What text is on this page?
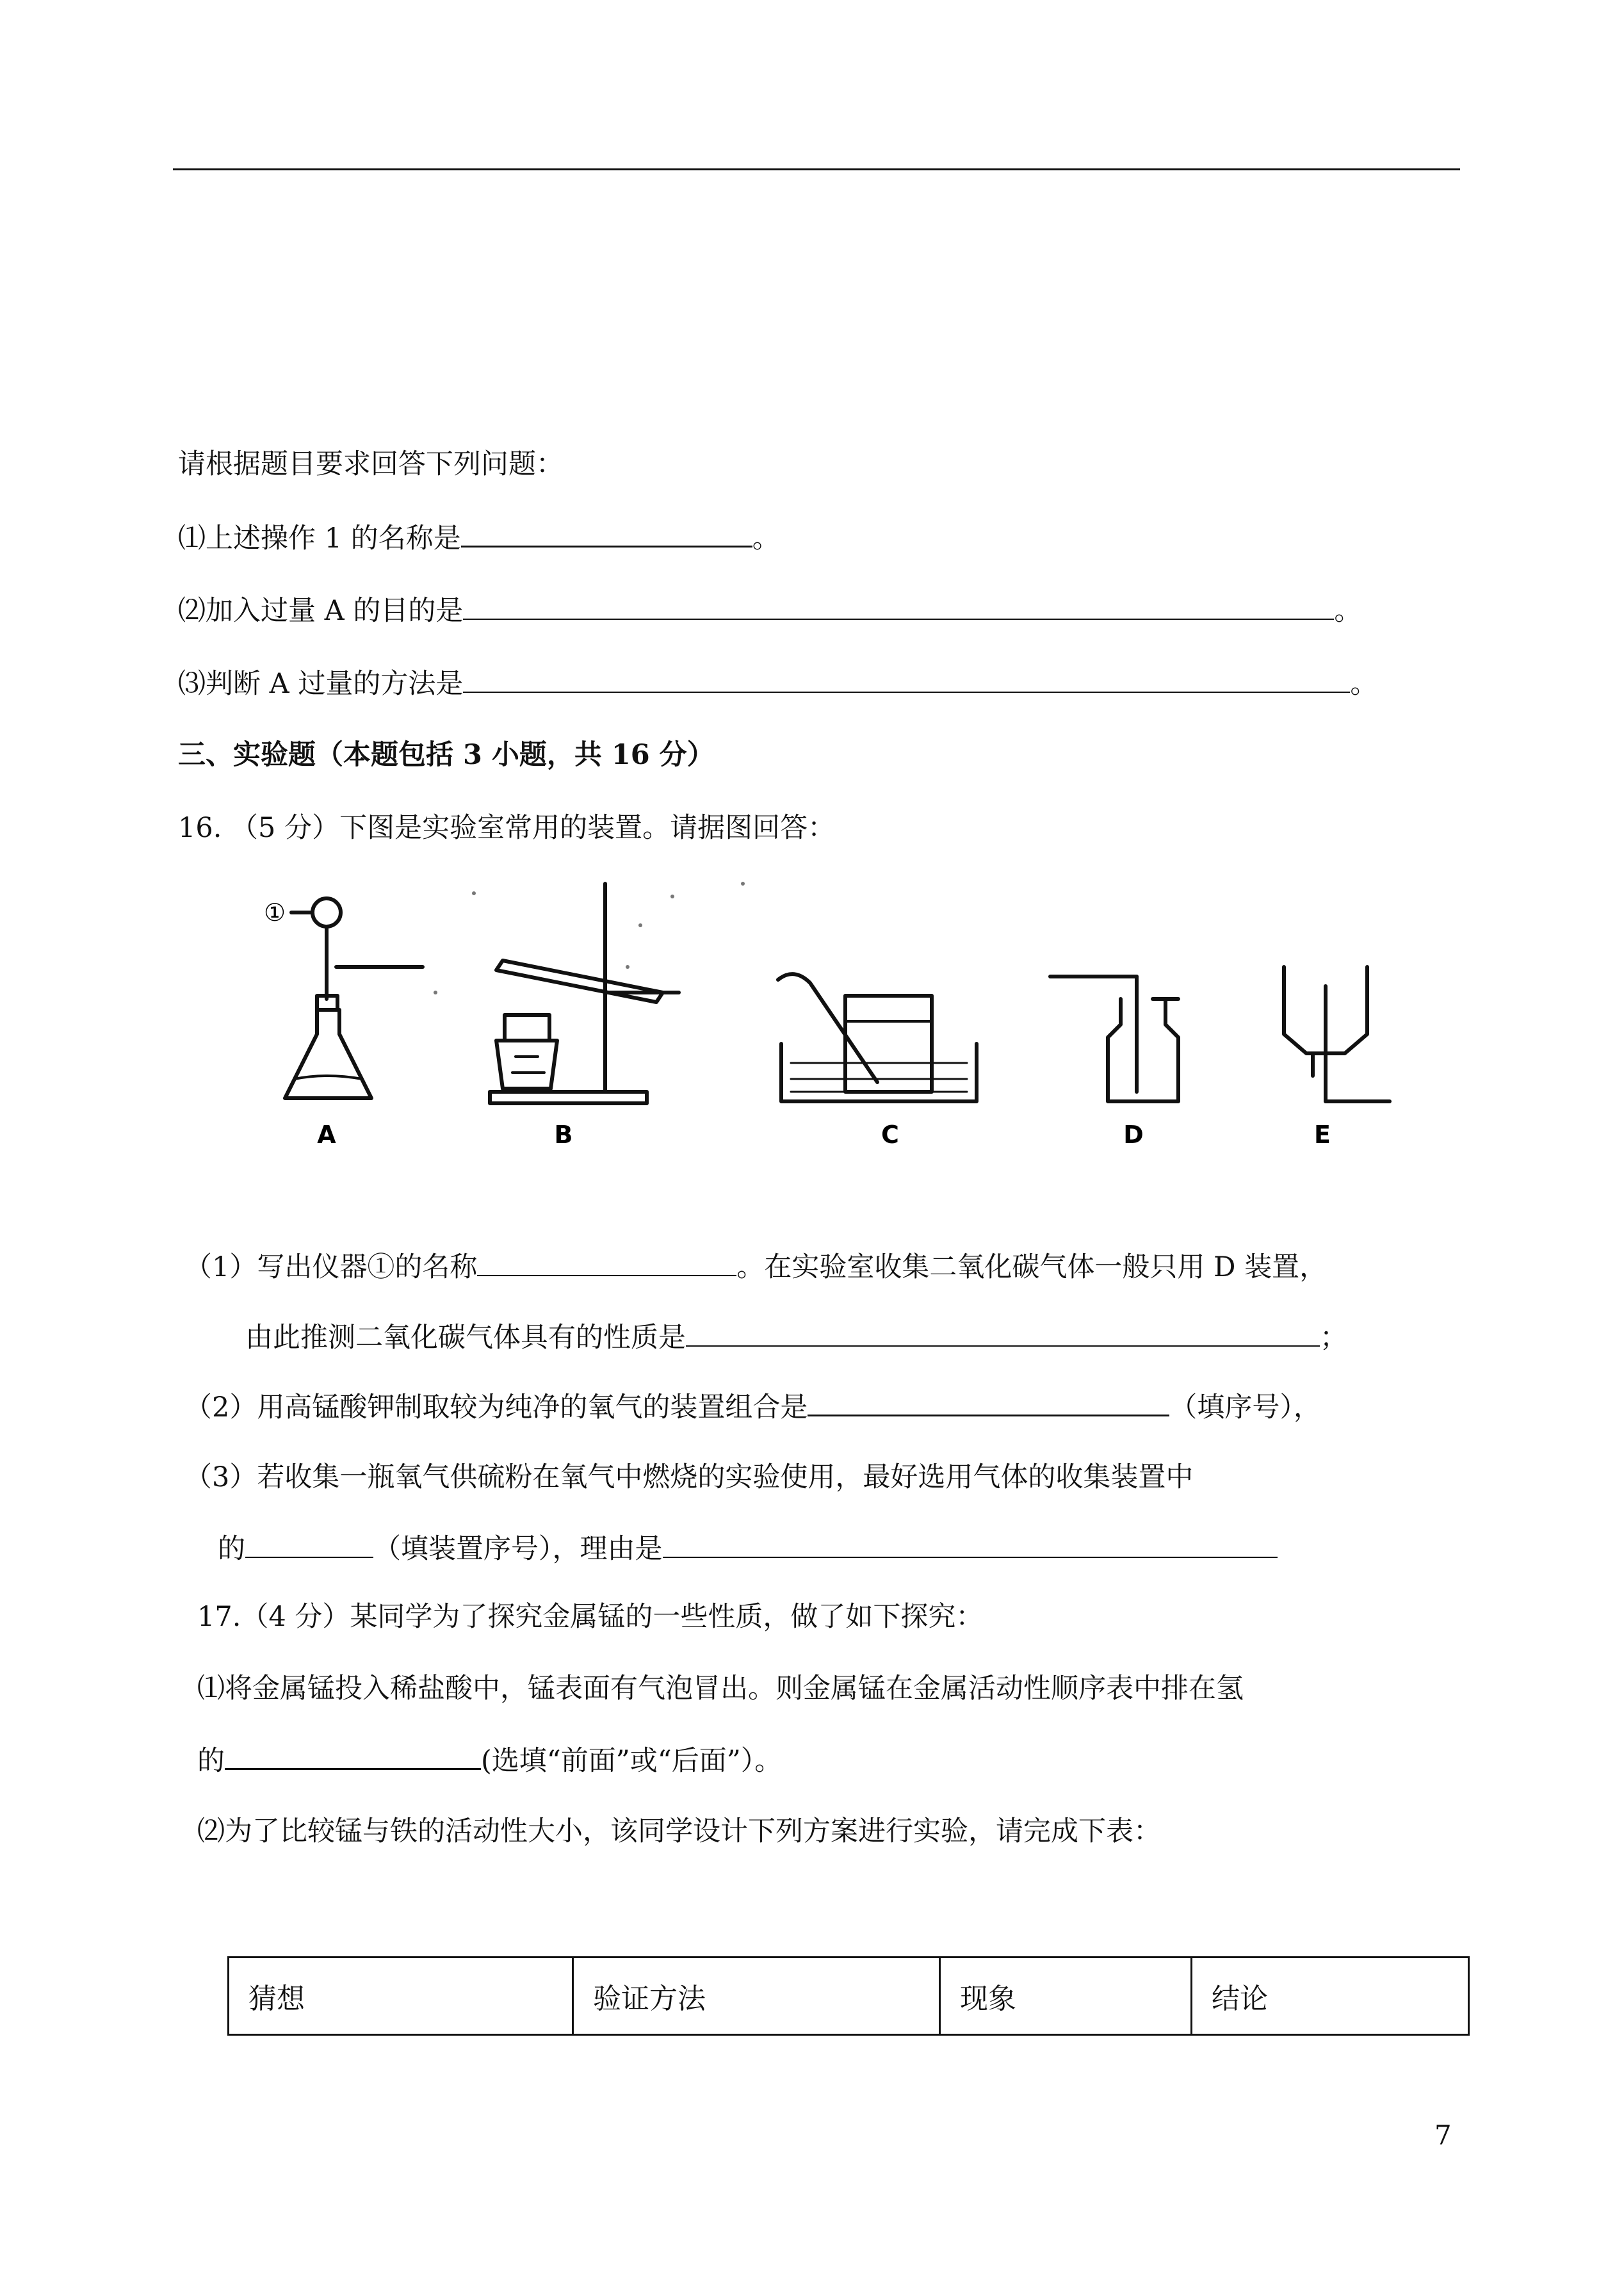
请根据题目要求回答下列问题：
⑴上述操作 1 的名称是	。
⑵加入过量 A 的目的是	。
⑶判断 A 过量的方法是	。
三、实验题（本题包括 3 小题，共 16 分）
16. （5 分）下图是实验室常用的装置。请据图回答：
①
A	B	C	D	E
（1）写出仪器①的名称	。在实验室收集二氧化碳气体一般只用 D 装置，
由此推测二氧化碳气体具有的性质是	；
（2）用高锰酸钾制取较为纯净的氧气的装置组合是	（填序号），
（3）若收集一瓶氧气供硫粉在氧气中燃烧的实验使用，最好选用气体的收集装置中
的	（填装置序号），理由是
17.（4 分）某同学为了探究金属锰的一些性质，做了如下探究：
⑴将金属锰投入稀盐酸中，锰表面有气泡冒出。则金属锰在金属活动性顺序表中排在氢
的	(选填“前面”或“后面”）。
⑵为了比较锰与铁的活动性大小，该同学设计下列方案进行实验，请完成下表：
猜想	验证方法	现象	结论
7
